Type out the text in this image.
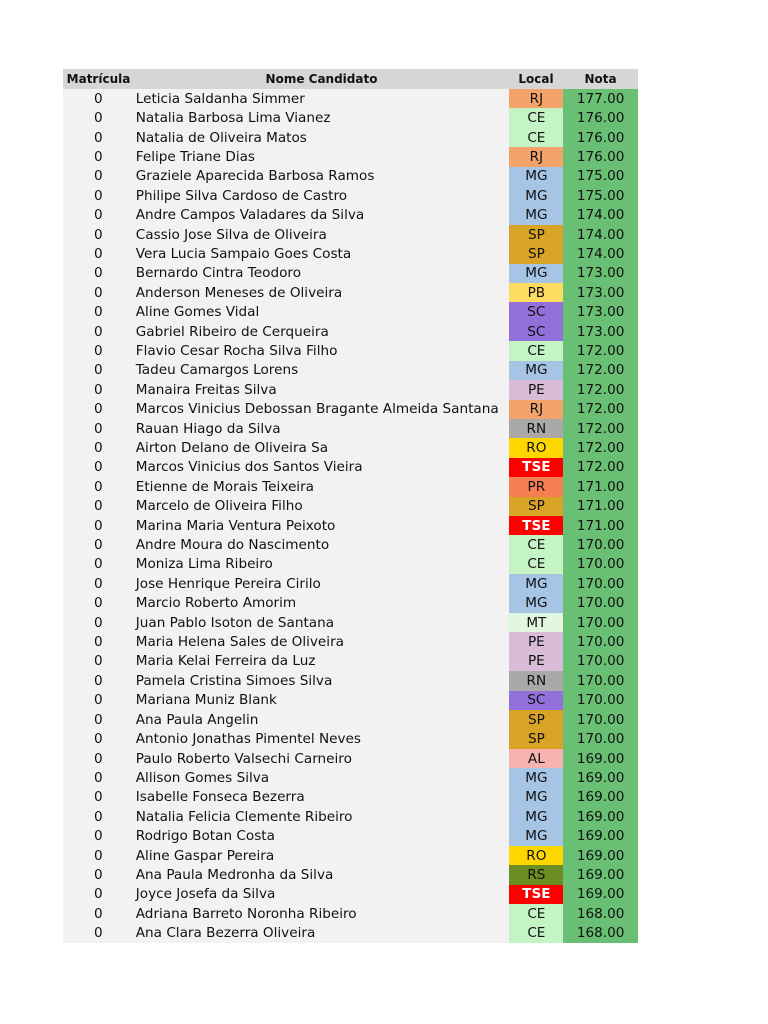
Matrícula	Nome Candidato	Local	Nota
0	Leticia Saldanha Simmer	RJ	177.00
0	Natalia Barbosa Lima Vianez	CE	176.00
0	Natalia de Oliveira Matos	CE	176.00
0	Felipe Triane Dias	RJ	176.00
0	Graziele Aparecida Barbosa Ramos	MG	175.00
0	Philipe Silva Cardoso de Castro	MG	175.00
0	Andre Campos Valadares da Silva	MG	174.00
0	Cassio Jose Silva de Oliveira	SP	174.00
0	Vera Lucia Sampaio Goes Costa	SP	174.00
0	Bernardo Cintra Teodoro	MG	173.00
0	Anderson Meneses de Oliveira	PB	173.00
0	Aline Gomes Vidal	SC	173.00
0	Gabriel Ribeiro de Cerqueira	SC	173.00
0	Flavio Cesar Rocha Silva Filho	CE	172.00
0	Tadeu Camargos Lorens	MG	172.00
0	Manaira Freitas Silva	PE	172.00
0	Marcos Vinicius Debossan Bragante Almeida Santana	RJ	172.00
0	Rauan Hiago da Silva	RN	172.00
0	Airton Delano de Oliveira Sa	RO	172.00
0	Marcos Vinicius dos Santos Vieira	TSE	172.00
0	Etienne de Morais Teixeira	PR	171.00
0	Marcelo de Oliveira Filho	SP	171.00
0	Marina Maria Ventura Peixoto	TSE	171.00
0	Andre Moura do Nascimento	CE	170.00
0	Moniza Lima Ribeiro	CE	170.00
0	Jose Henrique Pereira Cirilo	MG	170.00
0	Marcio Roberto Amorim	MG	170.00
0	Juan Pablo Isoton de Santana	MT	170.00
0	Maria Helena Sales de Oliveira	PE	170.00
0	Maria Kelai Ferreira da Luz	PE	170.00
0	Pamela Cristina Simoes Silva	RN	170.00
0	Mariana Muniz Blank	SC	170.00
0	Ana Paula Angelin	SP	170.00
0	Antonio Jonathas Pimentel Neves	SP	170.00
0	Paulo Roberto Valsechi Carneiro	AL	169.00
0	Allison Gomes Silva	MG	169.00
0	Isabelle Fonseca Bezerra	MG	169.00
0	Natalia Felicia Clemente Ribeiro	MG	169.00
0	Rodrigo Botan Costa	MG	169.00
0	Aline Gaspar Pereira	RO	169.00
0	Ana Paula Medronha da Silva	RS	169.00
0	Joyce Josefa da Silva	TSE	169.00
0	Adriana Barreto Noronha Ribeiro	CE	168.00
0	Ana Clara Bezerra Oliveira	CE	168.00
